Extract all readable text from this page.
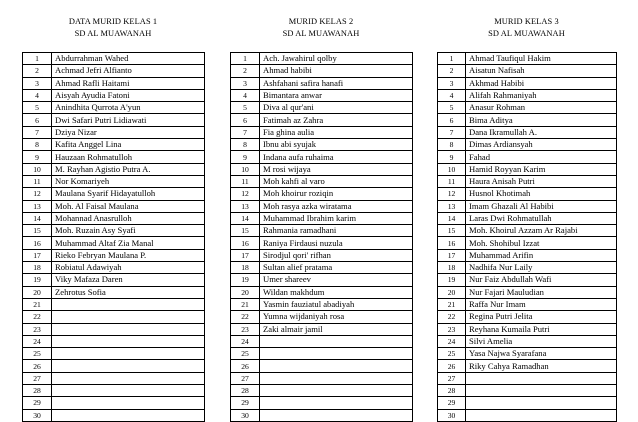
DATA MURID KELAS 1
SD AL MUAWANAH
1	Abdurrahman Wahed
2	Achmad Jefri Alfianto
3	Ahmad Rafli Haitami
4	Aisyah Ayudia Fatoni
5	Anindhita Qurrota A'yun
6	Dwi Safari Putri Lidiawati
7	Dziya Nizar
8	Kafita Anggel Lina
9	Hauzaan Rohmatulloh
10	M. Rayhan Agistio Putra A.
11	Nor Komariyeh
12	Maulana Syarif Hidayatulloh
13	Moh. Al Faisal Maulana
14	Mohannad Anasrulloh
15	Moh. Ruzain Asy Syafi
16	Muhammad Altaf Zia Manal
17	Rieko Febryan Maulana P.
18	Robiatul Adawiyah
19	Viky Mafaza Daren
20	Zehrotus Sofia
21	
22	
23	
24	
25	
26	
27	
28	
29	
30	
MURID KELAS 2
SD AL MUAWANAH
1	Ach. Jawahirul qolby
2	Ahmad habibi
3	Ashfahani safira hanafi
4	Bimantara anwar
5	Diva al qur'ani
6	Fatimah az Zahra
7	Fia ghina aulia
8	Ibnu abi syujak
9	Indana aufa ruhaima
10	M rosi wijaya
11	Moh kahfi al varo
12	Moh khoirur roziqin
13	Moh rasya azka wiratama
14	Muhammad Ibrahim karim
15	Rahmania ramadhani
16	Raniya Firdausi nuzula
17	Sirodjul qori' rifhan
18	Sultan alief pratama
19	Umer shareev
20	Wildan makhdum
21	Yasmin fauziatul abadiyah
22	Yumna wijdaniyah rosa
23	Zaki almair jamil
24	
25	
26	
27	
28	
29	
30	
MURID KELAS 3
SD AL MUAWANAH
1	Ahmad Taufiqul Hakim
2	Aisatun Nafisah
3	Akhmad Habibi
4	Alifah Rahmaniyah
5	Anasur Rohman
6	Bima Aditya
7	Dana Ikramullah A.
8	Dimas Ardiansyah
9	Fahad
10	Hamid Royyan Karim
11	Haura Anisah Putri
12	Husnol Khotimah
13	Imam Ghazali Al Habibi
14	Laras Dwi Rohmatullah
15	Moh. Khoirul Azzam Ar Rajabi
16	Moh. Shohibul Izzat
17	Muhammad Arifin
18	Nadhifa Nur Laily
19	Nur Faiz Abdullah Wafi
20	Nur Fajari Mauludian
21	Raffa Nur Imam
22	Regina Putri Jelita
23	Reyhana Kumaila Putri
24	Silvi Amelia
25	Yasa Najwa Syarafana
26	Riky Cahya Ramadhan
27	
28	
29	
30	
